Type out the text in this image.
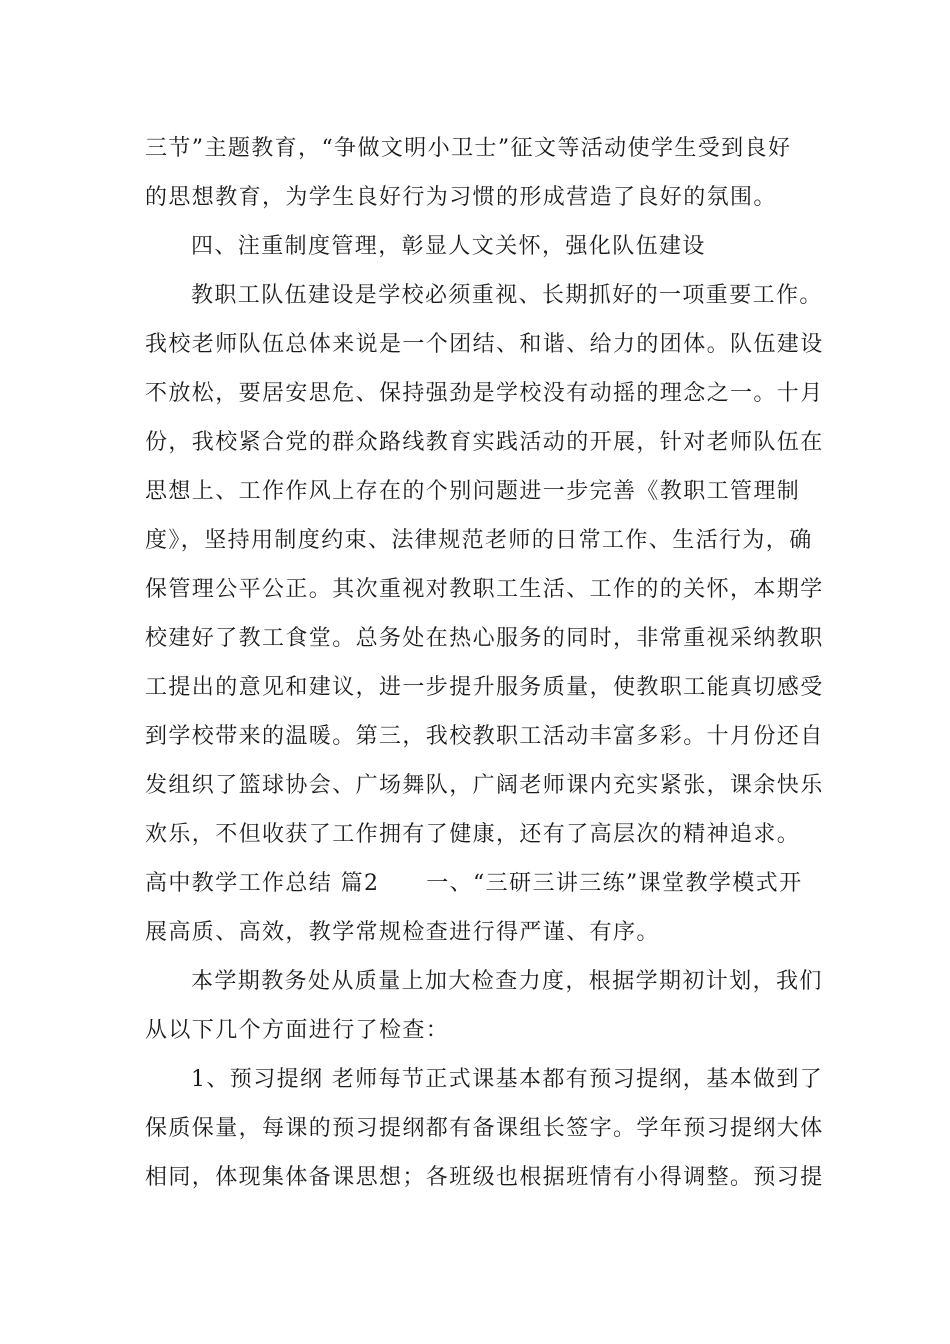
三节”主题教育，“争做文明小卫士”征文等活动使学生受到良好
的思想教育，为学生良好行为习惯的形成营造了良好的氛围。
四、注重制度管理，彰显人文关怀，强化队伍建设
教职工队伍建设是学校必须重视、长期抓好的一项重要工作。
我校老师队伍总体来说是一个团结、和谐、给力的团体。队伍建设
不放松，要居安思危、保持强劲是学校没有动摇的理念之一。十月
份，我校紧合党的群众路线教育实践活动的开展，针对老师队伍在
思想上、工作作风上存在的个别问题进一步完善《教职工管理制
度》，坚持用制度约束、法律规范老师的日常工作、生活行为，确
保管理公平公正。其次重视对教职工生活、工作的的关怀，本期学
校建好了教工食堂。总务处在热心服务的同时，非常重视采纳教职
工提出的意见和建议，进一步提升服务质量，使教职工能真切感受
到学校带来的温暖。第三，我校教职工活动丰富多彩。十月份还自
发组织了篮球协会、广场舞队，广阔老师课内充实紧张，课余快乐
欢乐，不但收获了工作拥有了健康，还有了高层次的精神追求。
高中教学工作总结 篇2　　一、“三研三讲三练”课堂教学模式开
展高质、高效，教学常规检查进行得严谨、有序。
本学期教务处从质量上加大检查力度，根据学期初计划，我们
从以下几个方面进行了检查：
1、预习提纲 老师每节正式课基本都有预习提纲，基本做到了
保质保量，每课的预习提纲都有备课组长签字。学年预习提纲大体
相同，体现集体备课思想；各班级也根据班情有小得调整。预习提
